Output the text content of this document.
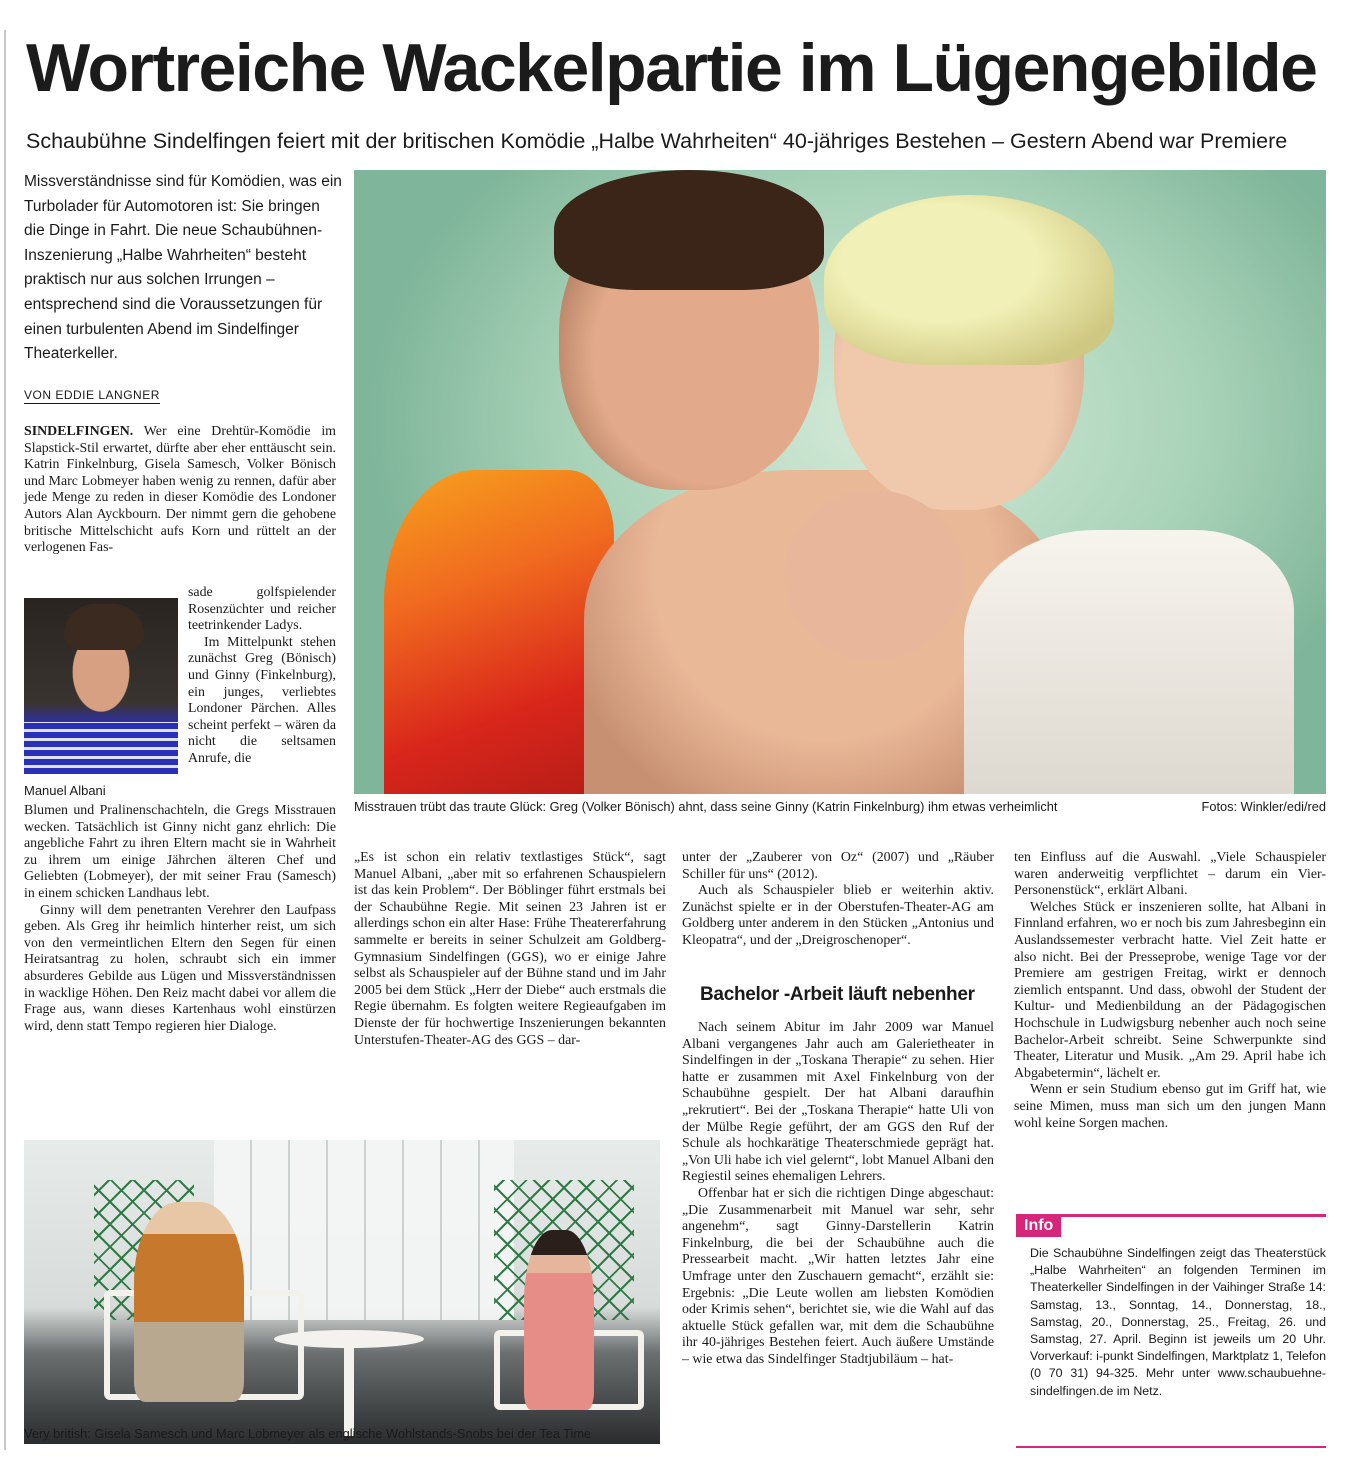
Wortreiche Wackelpartie im Lügengebilde
Schaubühne Sindelfingen feiert mit der britischen Komödie „Halbe Wahrheiten“ 40-jähriges Bestehen – Gestern Abend war Premiere
Missverständnisse sind für Komödien, was ein Turbolader für Automotoren ist: Sie bringen die Dinge in Fahrt. Die neue Schaubühnen-Inszenierung „Halbe Wahrheiten“ besteht praktisch nur aus solchen Irrungen – entsprechend sind die Voraussetzungen für einen turbulenten Abend im Sindelfinger Theaterkeller.
VON EDDIE LANGNER

SINDELFINGEN. Wer eine Drehtür-Komödie im Slapstick-Stil erwartet, dürfte aber eher enttäuscht sein. Katrin Finkelnburg, Gisela Samesch, Volker Bönisch und Marc Lobmeyer haben wenig zu rennen, dafür aber jede Menge zu reden in dieser Komödie des Londoner Autors Alan Ayckbourn. Der nimmt gern die gehobene britische Mittelschicht aufs Korn und rüttelt an der verlogenen Fas-

Manuel Albani

sade golfspielender Rosenzüchter und reicher teetrinkender Ladys.

Im Mittelpunkt stehen zunächst Greg (Bönisch) und Ginny (Finkelnburg), ein junges, verliebtes Londoner Pärchen. Alles scheint perfekt – wären da nicht die seltsamen Anrufe, die

Blumen und Pralinenschachteln, die Gregs Misstrauen wecken. Tatsächlich ist Ginny nicht ganz ehrlich: Die angebliche Fahrt zu ihren Eltern macht sie in Wahrheit zu ihrem um einige Jährchen älteren Chef und Geliebten (Lobmeyer), der mit seiner Frau (Samesch) in einem schicken Landhaus lebt.

Ginny will dem penetranten Verehrer den Laufpass geben. Als Greg ihr heimlich hinterher reist, um sich von den vermeintlichen Eltern den Segen für einen Heiratsantrag zu holen, schraubt sich ein immer absurderes Gebilde aus Lügen und Missverständnissen in wacklige Höhen. Den Reiz macht dabei vor allem die Frage aus, wann dieses Kartenhaus wohl einstürzen wird, denn statt Tempo regieren hier Dialoge.

Misstrauen trübt das traute Glück: Greg (Volker Bönisch) ahnt, dass seine Ginny (Katrin Finkelnburg) ihm etwas verheimlicht	Fotos: Winkler/edi/red

„Es ist schon ein relativ textlastiges Stück“, sagt Manuel Albani, „aber mit so erfahrenen Schauspielern ist das kein Problem“. Der Böblinger führt erstmals bei der Schaubühne Regie. Mit seinen 23 Jahren ist er allerdings schon ein alter Hase: Frühe Theatererfahrung sammelte er bereits in seiner Schulzeit am Goldberg-Gymnasium Sindelfingen (GGS), wo er einige Jahre selbst als Schauspieler auf der Bühne stand und im Jahr 2005 bei dem Stück „Herr der Diebe“ auch erstmals die Regie übernahm. Es folgten weitere Regieaufgaben im Dienste der für hochwertige Inszenierungen bekannten Unterstufen-Theater-AG des GGS – dar-

unter der „Zauberer von Oz“ (2007) und „Räuber Schiller für uns“ (2012).

Auch als Schauspieler blieb er weiterhin aktiv. Zunächst spielte er in der Oberstufen-Theater-AG am Goldberg unter anderem in den Stücken „Antonius und Kleopatra“, und der „Dreigroschenoper“.

Bachelor -Arbeit läuft nebenher

Nach seinem Abitur im Jahr 2009 war Manuel Albani vergangenes Jahr auch am Galerietheater in Sindelfingen in der „Toskana Therapie“ zu sehen. Hier hatte er zusammen mit Axel Finkelnburg von der Schaubühne gespielt. Der hat Albani daraufhin „rekrutiert“. Bei der „Toskana Therapie“ hatte Uli von der Mülbe Regie geführt, der am GGS den Ruf der Schule als hochkarätige Theaterschmiede geprägt hat. „Von Uli habe ich viel gelernt“, lobt Manuel Albani den Regiestil seines ehemaligen Lehrers.

Offenbar hat er sich die richtigen Dinge abgeschaut: „Die Zusammenarbeit mit Manuel war sehr, sehr angenehm“, sagt Ginny-Darstellerin Katrin Finkelnburg, die bei der Schaubühne auch die Pressearbeit macht. „Wir hatten letztes Jahr eine Umfrage unter den Zuschauern gemacht“, erzählt sie: Ergebnis: „Die Leute wollen am liebsten Komödien oder Krimis sehen“, berichtet sie, wie die Wahl auf das aktuelle Stück gefallen war, mit dem die Schaubühne ihr 40-jähriges Bestehen feiert. Auch äußere Umstände – wie etwa das Sindelfinger Stadtjubiläum – hat-

ten Einfluss auf die Auswahl. „Viele Schauspieler waren anderweitig verpflichtet – darum ein Vier-Personenstück“, erklärt Albani.

Welches Stück er inszenieren sollte, hat Albani in Finnland erfahren, wo er noch bis zum Jahresbeginn ein Auslandssemester verbracht hatte. Viel Zeit hatte er also nicht. Bei der Presseprobe, wenige Tage vor der Premiere am gestrigen Freitag, wirkt er dennoch ziemlich entspannt. Und dass, obwohl der Student der Kultur- und Medienbildung an der Pädagogischen Hochschule in Ludwigsburg nebenher auch noch seine Bachelor-Arbeit schreibt. Seine Schwerpunkte sind Theater, Literatur und Musik. „Am 29. April habe ich Abgabetermin“, lächelt er.

Wenn er sein Studium ebenso gut im Griff hat, wie seine Mimen, muss man sich um den jungen Mann wohl keine Sorgen machen.

Very british: Gisela Samesch und Marc Lobmeyer als englische Wohlstands-Snobs bei der Tea Time
Info
Die Schaubühne Sindelfingen zeigt das Theaterstück „Halbe Wahrheiten“ an folgenden Terminen im Theaterkeller Sindelfingen in der Vaihinger Straße 14: Samstag, 13., Sonntag, 14., Donnerstag, 18., Samstag, 20., Donnerstag, 25., Freitag, 26. und Samstag, 27. April. Beginn ist jeweils um 20 Uhr. Vorverkauf: i-punkt Sindelfingen, Marktplatz 1, Telefon (0 70 31) 94-325. Mehr unter www.schaubuehne-sindelfingen.de im Netz.
